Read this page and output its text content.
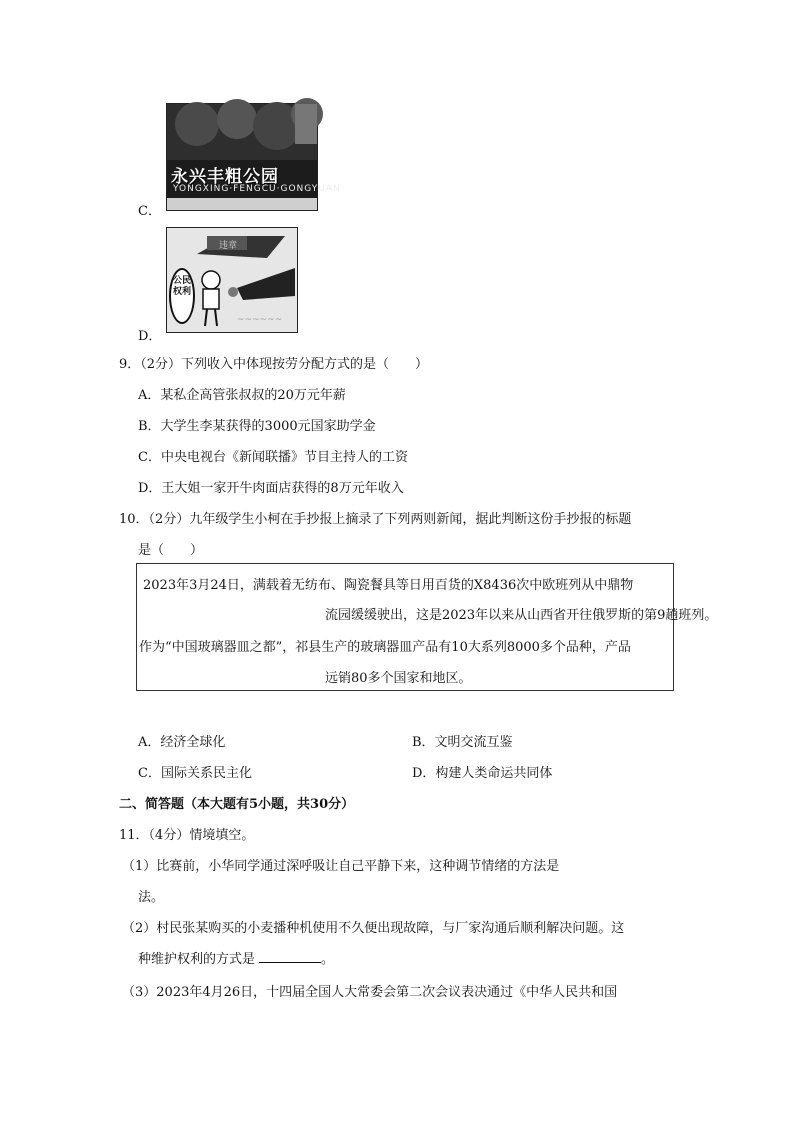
永兴丰粗公园
YONGXING·FENGCU·GONGYUAN
C．
~~~~~~
公民权利
违章
D．
9．（2分）下列收入中体现按劳分配方式的是（　　）
A．某私企高管张叔叔的20万元年薪
B．大学生李某获得的3000元国家助学金
C．中央电视台《新闻联播》节目主持人的工资
D．王大姐一家开牛肉面店获得的8万元年收入
10．（2分）九年级学生小柯在手抄报上摘录了下列两则新闻，据此判断这份手抄报的标题
是（　　）
2023年3月24日，满载着无纺布、陶瓷餐具等日用百货的X8436次中欧班列从中鼎物
流园缓缓驶出，这是2023年以来从山西省开往俄罗斯的第9趟班列。
作为“中国玻璃器皿之都”，祁县生产的玻璃器皿产品有10大系列8000多个品种，产品
远销80多个国家和地区。
A．经济全球化	B．文明交流互鉴
C．国际关系民主化	D．构建人类命运共同体
二、简答题（本大题有5小题，共30分）
11．（4分）情境填空。
（1）比赛前，小华同学通过深呼吸让自己平静下来，这种调节情绪的方法是
法。
（2）村民张某购买的小麦播种机使用不久便出现故障，与厂家沟通后顺利解决问题。这
种维护权利的方式是	。
（3）2023年4月26日，十四届全国人大常委会第二次会议表决通过《中华人民共和国
